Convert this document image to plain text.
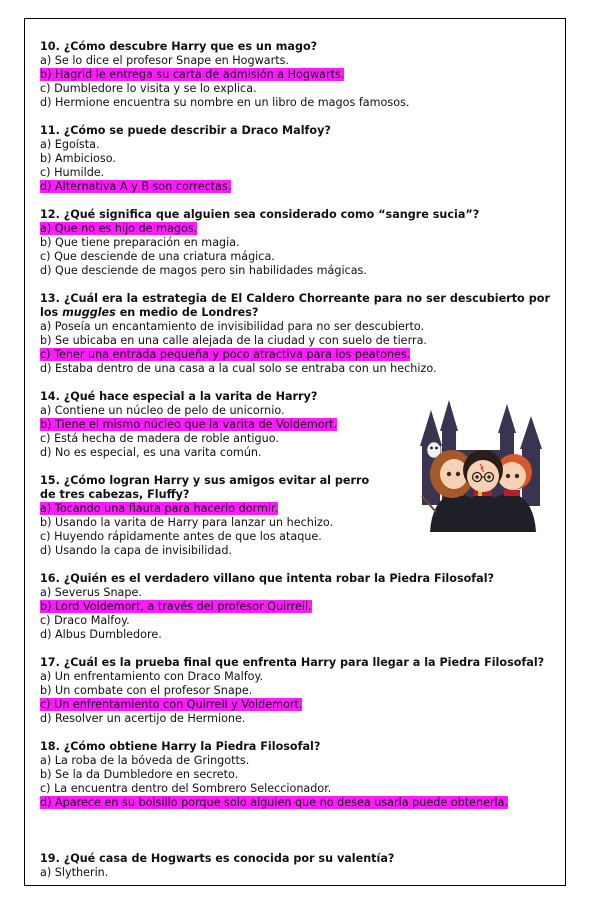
10. ¿Cómo descubre Harry que es un mago?
a) Se lo dice el profesor Snape en Hogwarts.
b) Hagrid le entrega su carta de admisión a Hogwarts.
c) Dumbledore lo visita y se lo explica.
d) Hermione encuentra su nombre en un libro de magos famosos.
11. ¿Cómo se puede describir a Draco Malfoy?
a) Egoísta.
b) Ambicioso.
c) Humilde.
d) Alternativa A y B son correctas.
12. ¿Qué significa que alguien sea considerado como “sangre sucia”?
a) Que no es hijo de magos.
b) Que tiene preparación en magia.
c) Que desciende de una criatura mágica.
d) Que desciende de magos pero sin habilidades mágicas.
13. ¿Cuál era la estrategia de El Caldero Chorreante para no ser descubierto por los muggles en medio de Londres?
a) Poseía un encantamiento de invisibilidad para no ser descubierto.
b) Se ubicaba en una calle alejada de la ciudad y con suelo de tierra.
c) Tener una entrada pequeña y poco atractiva para los peatones.
d) Estaba dentro de una casa a la cual solo se entraba con un hechizo.
14. ¿Qué hace especial a la varita de Harry?
a) Contiene un núcleo de pelo de unicornio.
b) Tiene el mismo núcleo que la varita de Voldemort.
c) Está hecha de madera de roble antiguo.
d) No es especial, es una varita común.
15. ¿Cómo logran Harry y sus amigos evitar al perro de tres cabezas, Fluffy?
a) Tocando una flauta para hacerlo dormir.
b) Usando la varita de Harry para lanzar un hechizo.
c) Huyendo rápidamente antes de que los ataque.
d) Usando la capa de invisibilidad.
16. ¿Quién es el verdadero villano que intenta robar la Piedra Filosofal?
a) Severus Snape.
b) Lord Voldemort, a través del profesor Quirrell.
c) Draco Malfoy.
d) Albus Dumbledore.
17. ¿Cuál es la prueba final que enfrenta Harry para llegar a la Piedra Filosofal?
a) Un enfrentamiento con Draco Malfoy.
b) Un combate con el profesor Snape.
c) Un enfrentamiento con Quirrell y Voldemort.
d) Resolver un acertijo de Hermione.
18. ¿Cómo obtiene Harry la Piedra Filosofal?
a) La roba de la bóveda de Gringotts.
b) Se la da Dumbledore en secreto.
c) La encuentra dentro del Sombrero Seleccionador.
d) Aparece en su bolsillo porque solo alguien que no desea usarla puede obtenerla.
19. ¿Qué casa de Hogwarts es conocida por su valentía?
a) Slytherin.
